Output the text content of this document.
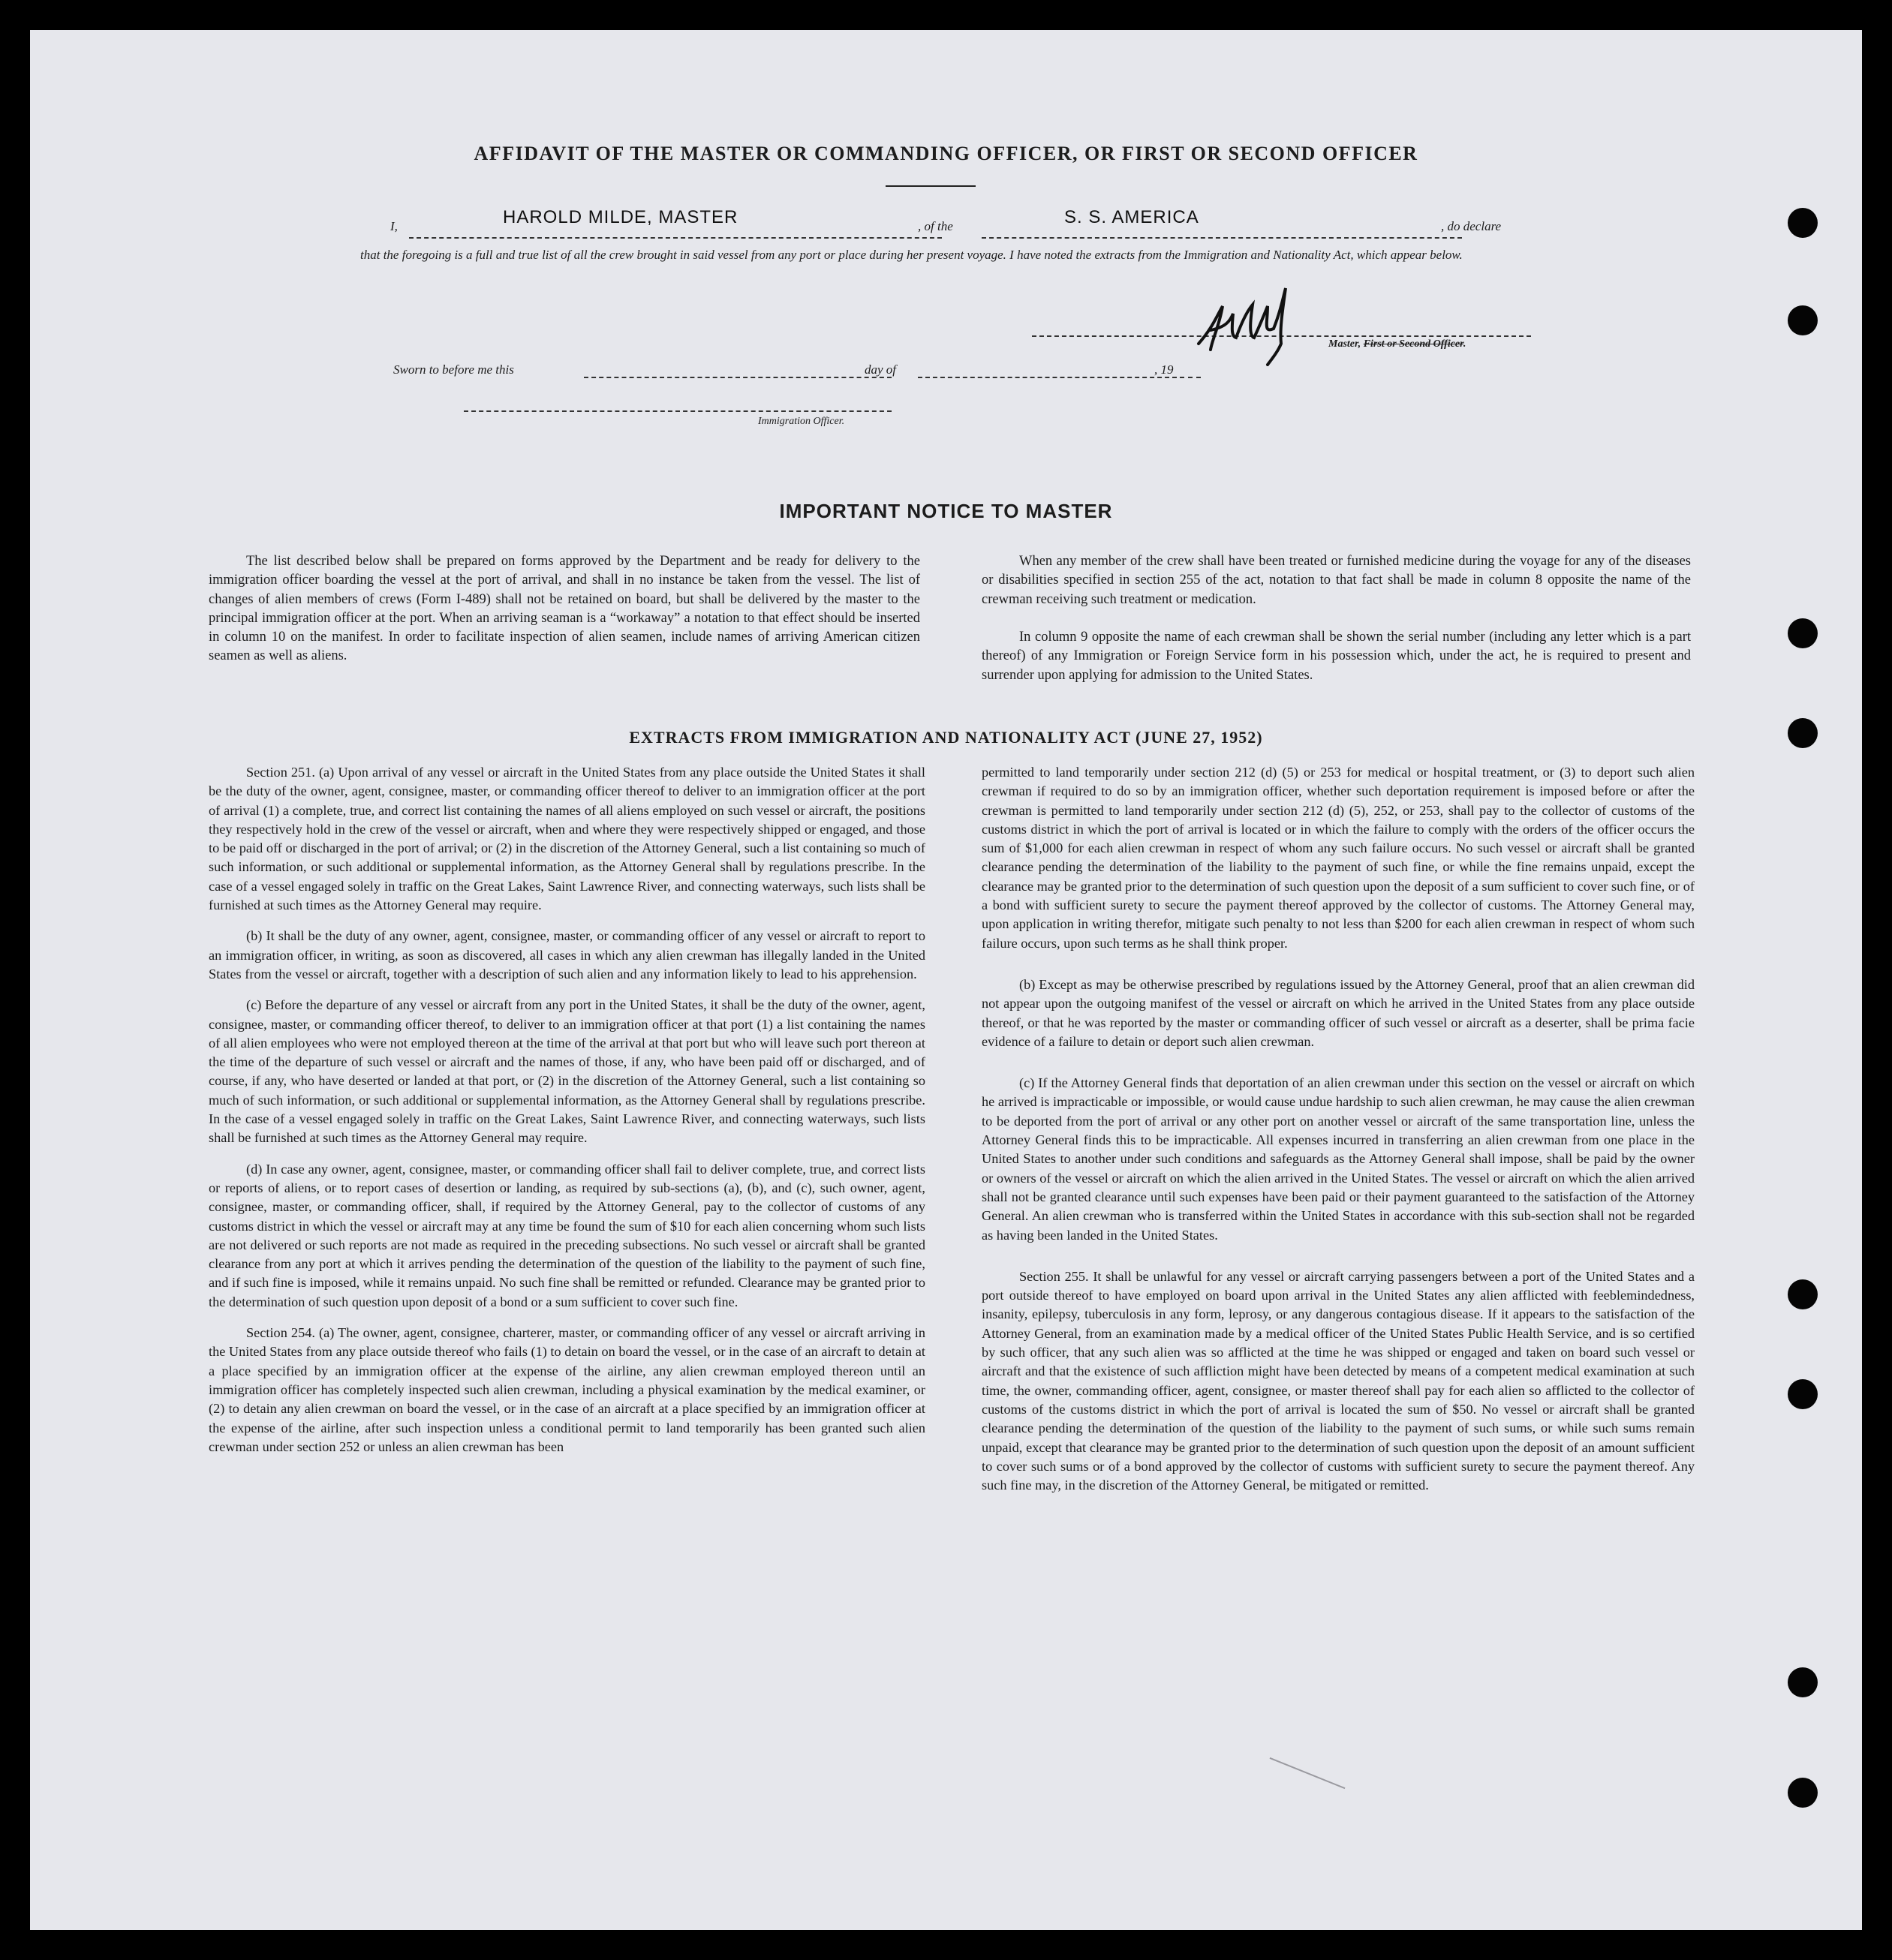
AFFIDAVIT OF THE MASTER OR COMMANDING OFFICER, OR FIRST OR SECOND OFFICER
I,	HAROLD MILDE, MASTER	, of the	S. S. AMERICA	, do declare

that the foregoing is a full and true list of all the crew brought in said vessel from any port or place during her present voyage. I have noted the extracts from the Immigration and Nationality Act, which appear below.

Master, First or Second Officer.
Sworn to before me this	day of	, 19
Immigration Officer.
IMPORTANT NOTICE TO MASTER

The list described below shall be prepared on forms approved by the Department and be ready for delivery to the immigration officer boarding the vessel at the port of arrival, and shall in no instance be taken from the vessel. The list of changes of alien members of crews (Form I-489) shall not be retained on board, but shall be delivered by the master to the principal immigration officer at the port. When an arriving seaman is a “workaway” a notation to that effect should be inserted in column 10 on the manifest. In order to facilitate inspection of alien seamen, include names of arriving American citizen seamen as well as aliens.

When any member of the crew shall have been treated or furnished medicine during the voyage for any of the diseases or disabilities specified in section 255 of the act, notation to that fact shall be made in column 8 opposite the name of the crewman receiving such treatment or medication.

In column 9 opposite the name of each crewman shall be shown the serial number (including any letter which is a part thereof) of any Immigration or Foreign Service form in his possession which, under the act, he is required to present and surrender upon applying for admission to the United States.

EXTRACTS FROM IMMIGRATION AND NATIONALITY ACT (JUNE 27, 1952)

Section 251. (a) Upon arrival of any vessel or aircraft in the United States from any place outside the United States it shall be the duty of the owner, agent, consignee, master, or commanding officer thereof to deliver to an immigration officer at the port of arrival (1) a complete, true, and correct list containing the names of all aliens employed on such vessel or aircraft, the positions they respectively hold in the crew of the vessel or aircraft, when and where they were respectively shipped or engaged, and those to be paid off or discharged in the port of arrival; or (2) in the discretion of the Attorney General, such a list containing so much of such information, or such additional or supplemental information, as the Attorney General shall by regulations prescribe. In the case of a vessel engaged solely in traffic on the Great Lakes, Saint Lawrence River, and connecting waterways, such lists shall be furnished at such times as the Attorney General may require.

(b) It shall be the duty of any owner, agent, consignee, master, or commanding officer of any vessel or aircraft to report to an immigration officer, in writing, as soon as discovered, all cases in which any alien crewman has illegally landed in the United States from the vessel or aircraft, together with a description of such alien and any information likely to lead to his apprehension.

(c) Before the departure of any vessel or aircraft from any port in the United States, it shall be the duty of the owner, agent, consignee, master, or commanding officer thereof, to deliver to an immigration officer at that port (1) a list containing the names of all alien employees who were not employed thereon at the time of the arrival at that port but who will leave such port thereon at the time of the departure of such vessel or aircraft and the names of those, if any, who have been paid off or discharged, and of course, if any, who have deserted or landed at that port, or (2) in the discretion of the Attorney General, such a list containing so much of such information, or such additional or supplemental information, as the Attorney General shall by regulations prescribe. In the case of a vessel engaged solely in traffic on the Great Lakes, Saint Lawrence River, and connecting waterways, such lists shall be furnished at such times as the Attorney General may require.

(d) In case any owner, agent, consignee, master, or commanding officer shall fail to deliver complete, true, and correct lists or reports of aliens, or to report cases of desertion or landing, as required by sub-sections (a), (b), and (c), such owner, agent, consignee, master, or commanding officer, shall, if required by the Attorney General, pay to the collector of customs of any customs district in which the vessel or aircraft may at any time be found the sum of $10 for each alien concerning whom such lists are not delivered or such reports are not made as required in the preceding subsections. No such vessel or aircraft shall be granted clearance from any port at which it arrives pending the determination of the question of the liability to the payment of such fine, and if such fine is imposed, while it remains unpaid. No such fine shall be remitted or refunded. Clearance may be granted prior to the determination of such question upon deposit of a bond or a sum sufficient to cover such fine.

Section 254. (a) The owner, agent, consignee, charterer, master, or commanding officer of any vessel or aircraft arriving in the United States from any place outside thereof who fails (1) to detain on board the vessel, or in the case of an aircraft to detain at a place specified by an immigration officer at the expense of the airline, any alien crewman employed thereon until an immigration officer has completely inspected such alien crewman, including a physical examination by the medical examiner, or (2) to detain any alien crewman on board the vessel, or in the case of an aircraft at a place specified by an immigration officer at the expense of the airline, after such inspection unless a conditional permit to land temporarily has been granted such alien crewman under section 252 or unless an alien crewman has been

permitted to land temporarily under section 212 (d) (5) or 253 for medical or hospital treatment, or (3) to deport such alien crewman if required to do so by an immigration officer, whether such deportation requirement is imposed before or after the crewman is permitted to land temporarily under section 212 (d) (5), 252, or 253, shall pay to the collector of customs of the customs district in which the port of arrival is located or in which the failure to comply with the orders of the officer occurs the sum of $1,000 for each alien crewman in respect of whom any such failure occurs. No such vessel or aircraft shall be granted clearance pending the determination of the liability to the payment of such fine, or while the fine remains unpaid, except the clearance may be granted prior to the determination of such question upon the deposit of a sum sufficient to cover such fine, or of a bond with sufficient surety to secure the payment thereof approved by the collector of customs. The Attorney General may, upon application in writing therefor, mitigate such penalty to not less than $200 for each alien crewman in respect of whom such failure occurs, upon such terms as he shall think proper.

(b) Except as may be otherwise prescribed by regulations issued by the Attorney General, proof that an alien crewman did not appear upon the outgoing manifest of the vessel or aircraft on which he arrived in the United States from any place outside thereof, or that he was reported by the master or commanding officer of such vessel or aircraft as a deserter, shall be prima facie evidence of a failure to detain or deport such alien crewman.

(c) If the Attorney General finds that deportation of an alien crewman under this section on the vessel or aircraft on which he arrived is impracticable or impossible, or would cause undue hardship to such alien crewman, he may cause the alien crewman to be deported from the port of arrival or any other port on another vessel or aircraft of the same transportation line, unless the Attorney General finds this to be impracticable. All expenses incurred in transferring an alien crewman from one place in the United States to another under such conditions and safeguards as the Attorney General shall impose, shall be paid by the owner or owners of the vessel or aircraft on which the alien arrived in the United States. The vessel or aircraft on which the alien arrived shall not be granted clearance until such expenses have been paid or their payment guaranteed to the satisfaction of the Attorney General. An alien crewman who is transferred within the United States in accordance with this sub-section shall not be regarded as having been landed in the United States.

Section 255. It shall be unlawful for any vessel or aircraft carrying passengers between a port of the United States and a port outside thereof to have employed on board upon arrival in the United States any alien afflicted with feeblemindedness, insanity, epilepsy, tuberculosis in any form, leprosy, or any dangerous contagious disease. If it appears to the satisfaction of the Attorney General, from an examination made by a medical officer of the United States Public Health Service, and is so certified by such officer, that any such alien was so afflicted at the time he was shipped or engaged and taken on board such vessel or aircraft and that the existence of such affliction might have been detected by means of a competent medical examination at such time, the owner, commanding officer, agent, consignee, or master thereof shall pay for each alien so afflicted to the collector of customs of the customs district in which the port of arrival is located the sum of $50. No vessel or aircraft shall be granted clearance pending the determination of the question of the liability to the payment of such sums, or while such sums remain unpaid, except that clearance may be granted prior to the determination of such question upon the deposit of an amount sufficient to cover such sums or of a bond approved by the collector of customs with sufficient surety to secure the payment thereof. Any such fine may, in the discretion of the Attorney General, be mitigated or remitted.
